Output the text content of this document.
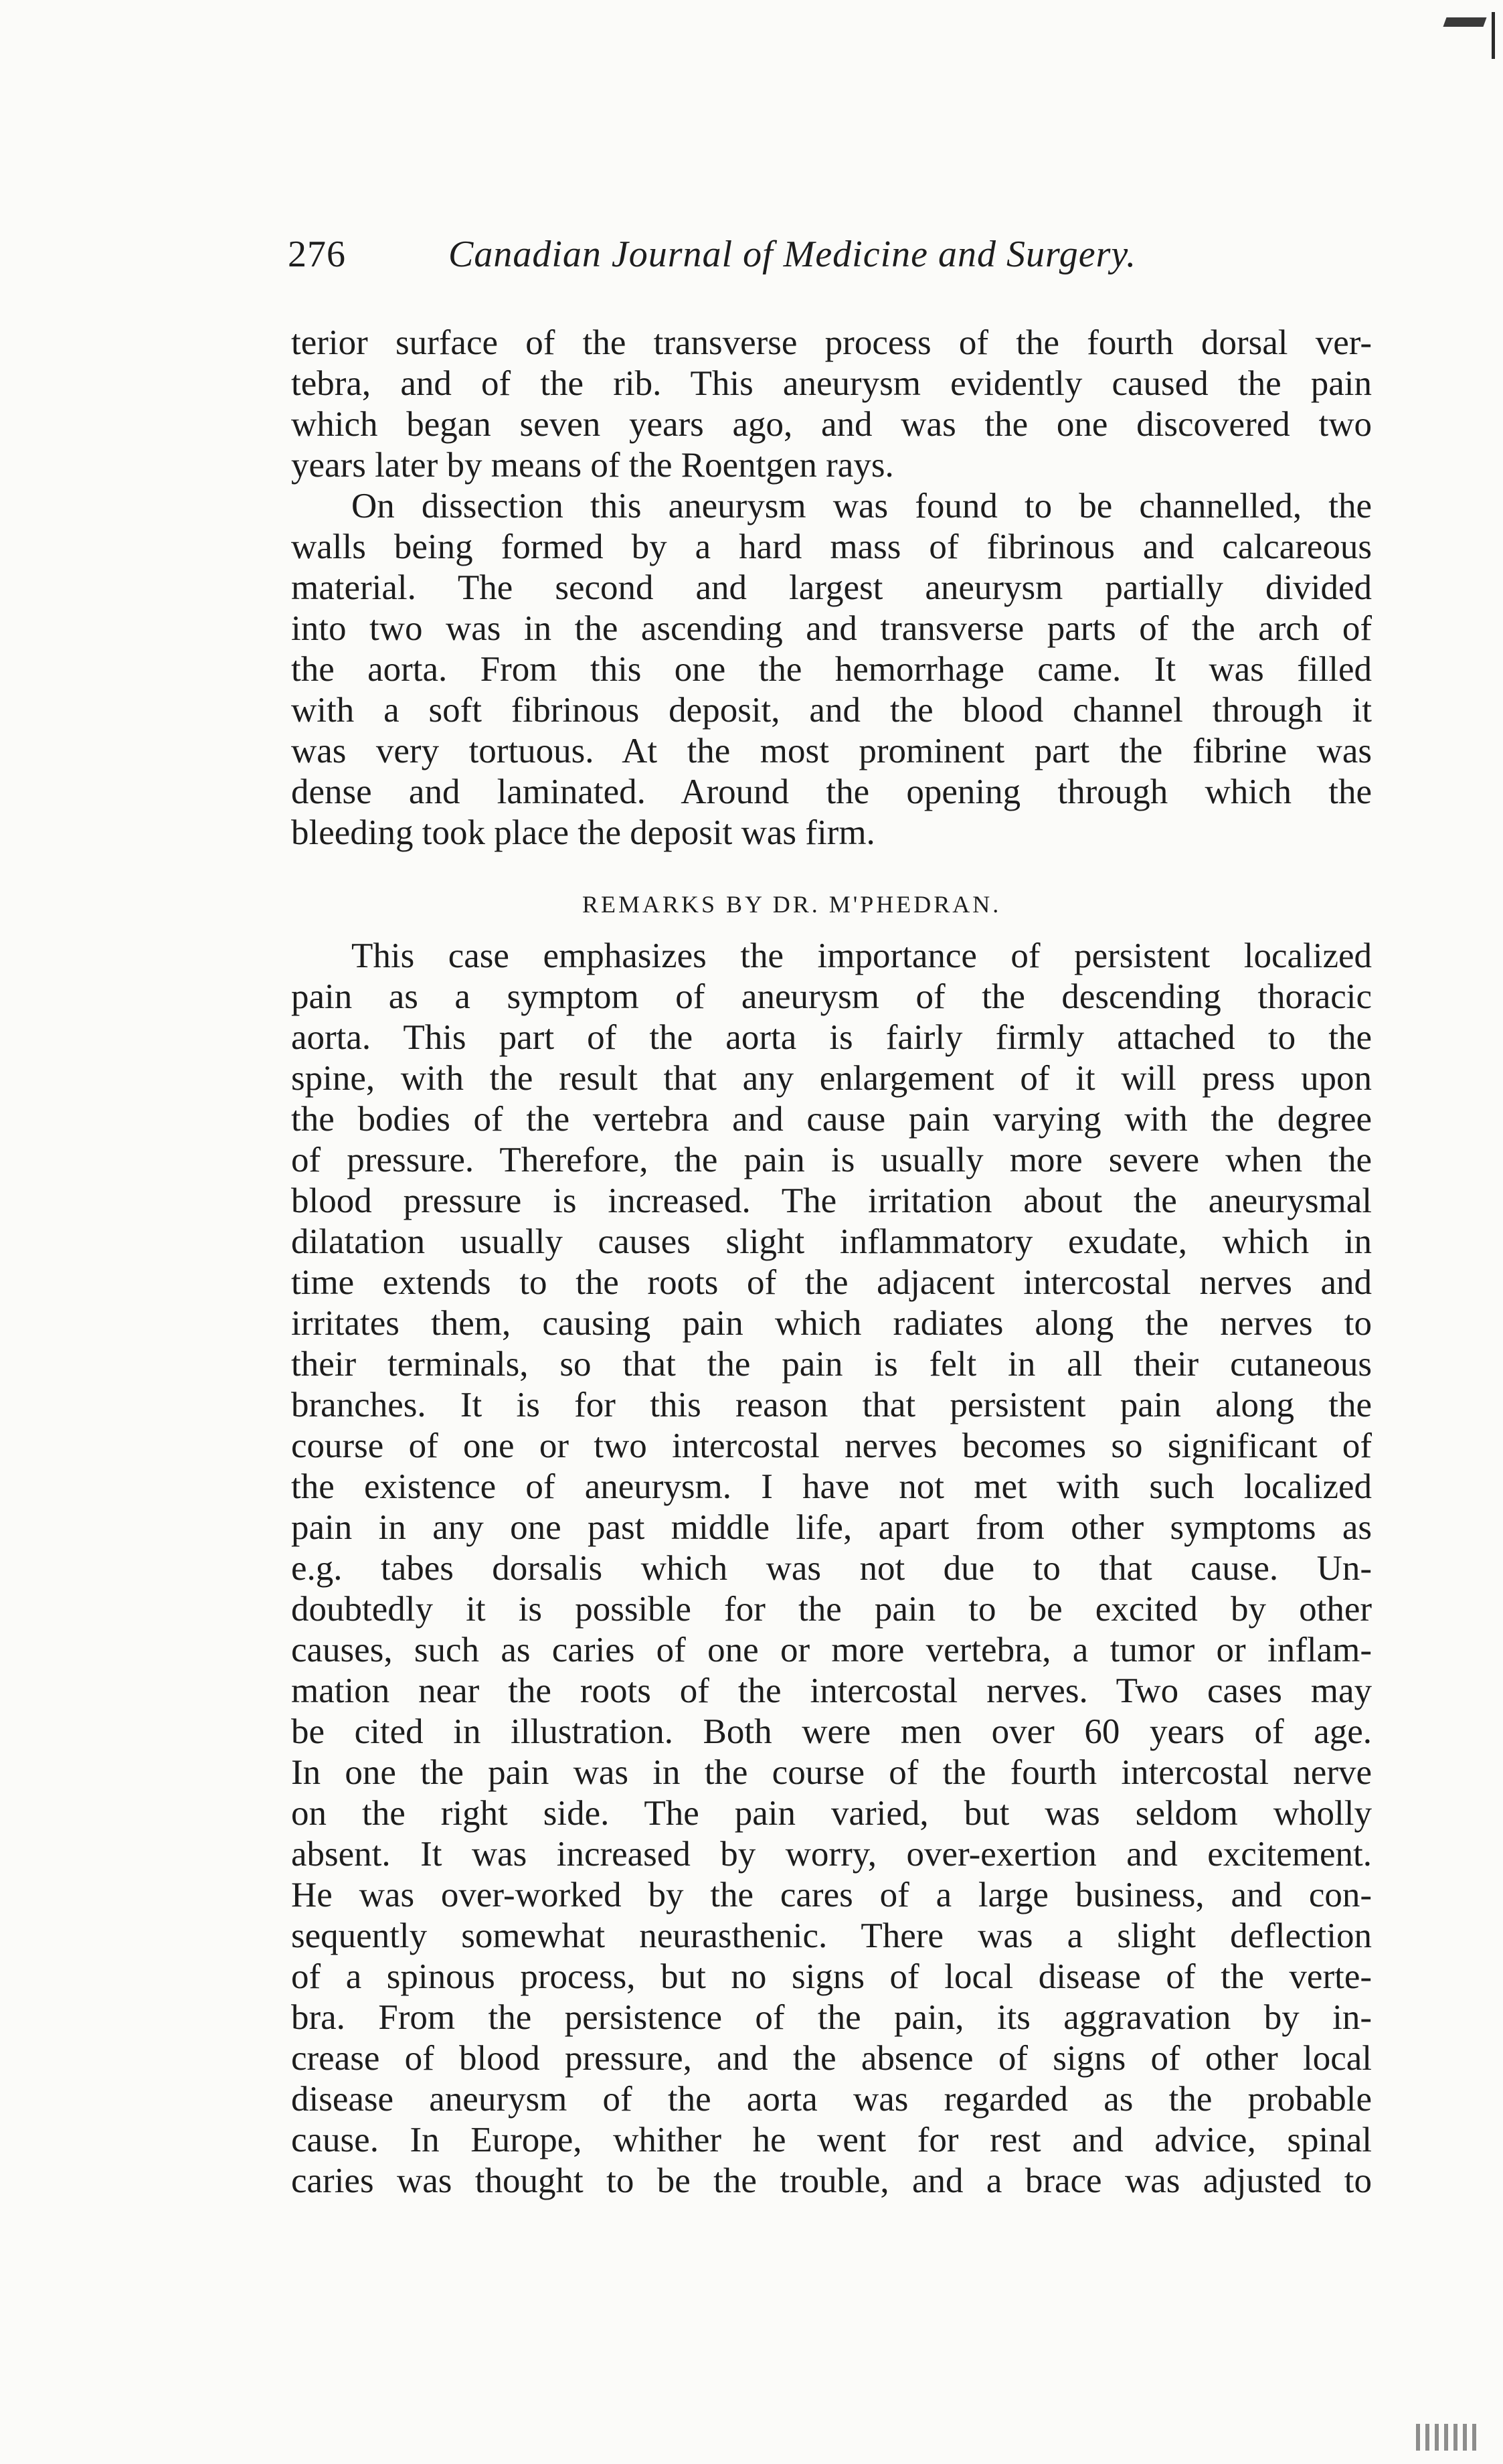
276	Canadian Journal of Medicine and Surgery.
terior surface of the transverse process of the fourth dorsal ver-
tebra, and of the rib. This aneurysm evidently caused the pain
which began seven years ago, and was the one discovered two
years later by means of the Roentgen rays.
On dissection this aneurysm was found to be channelled, the
walls being formed by a hard mass of fibrinous and calcareous
material. The second and largest aneurysm partially divided
into two was in the ascending and transverse parts of the arch of
the aorta. From this one the hemorrhage came. It was filled
with a soft fibrinous deposit, and the blood channel through it
was very tortuous. At the most prominent part the fibrine was
dense and laminated. Around the opening through which the
bleeding took place the deposit was firm.
REMARKS BY DR. M'PHEDRAN.
This case emphasizes the importance of persistent localized
pain as a symptom of aneurysm of the descending thoracic
aorta. This part of the aorta is fairly firmly attached to the
spine, with the result that any enlargement of it will press upon
the bodies of the vertebra and cause pain varying with the degree
of pressure. Therefore, the pain is usually more severe when the
blood pressure is increased. The irritation about the aneurysmal
dilatation usually causes slight inflammatory exudate, which in
time extends to the roots of the adjacent intercostal nerves and
irritates them, causing pain which radiates along the nerves to
their terminals, so that the pain is felt in all their cutaneous
branches. It is for this reason that persistent pain along the
course of one or two intercostal nerves becomes so significant of
the existence of aneurysm. I have not met with such localized
pain in any one past middle life, apart from other symptoms as
e.g. tabes dorsalis which was not due to that cause. Un-
doubtedly it is possible for the pain to be excited by other
causes, such as caries of one or more vertebra, a tumor or inflam-
mation near the roots of the intercostal nerves. Two cases may
be cited in illustration. Both were men over 60 years of age.
In one the pain was in the course of the fourth intercostal nerve
on the right side. The pain varied, but was seldom wholly
absent. It was increased by worry, over-exertion and excitement.
He was over-worked by the cares of a large business, and con-
sequently somewhat neurasthenic. There was a slight deflection
of a spinous process, but no signs of local disease of the verte-
bra. From the persistence of the pain, its aggravation by in-
crease of blood pressure, and the absence of signs of other local
disease aneurysm of the aorta was regarded as the probable
cause. In Europe, whither he went for rest and advice, spinal
caries was thought to be the trouble, and a brace was adjusted to
